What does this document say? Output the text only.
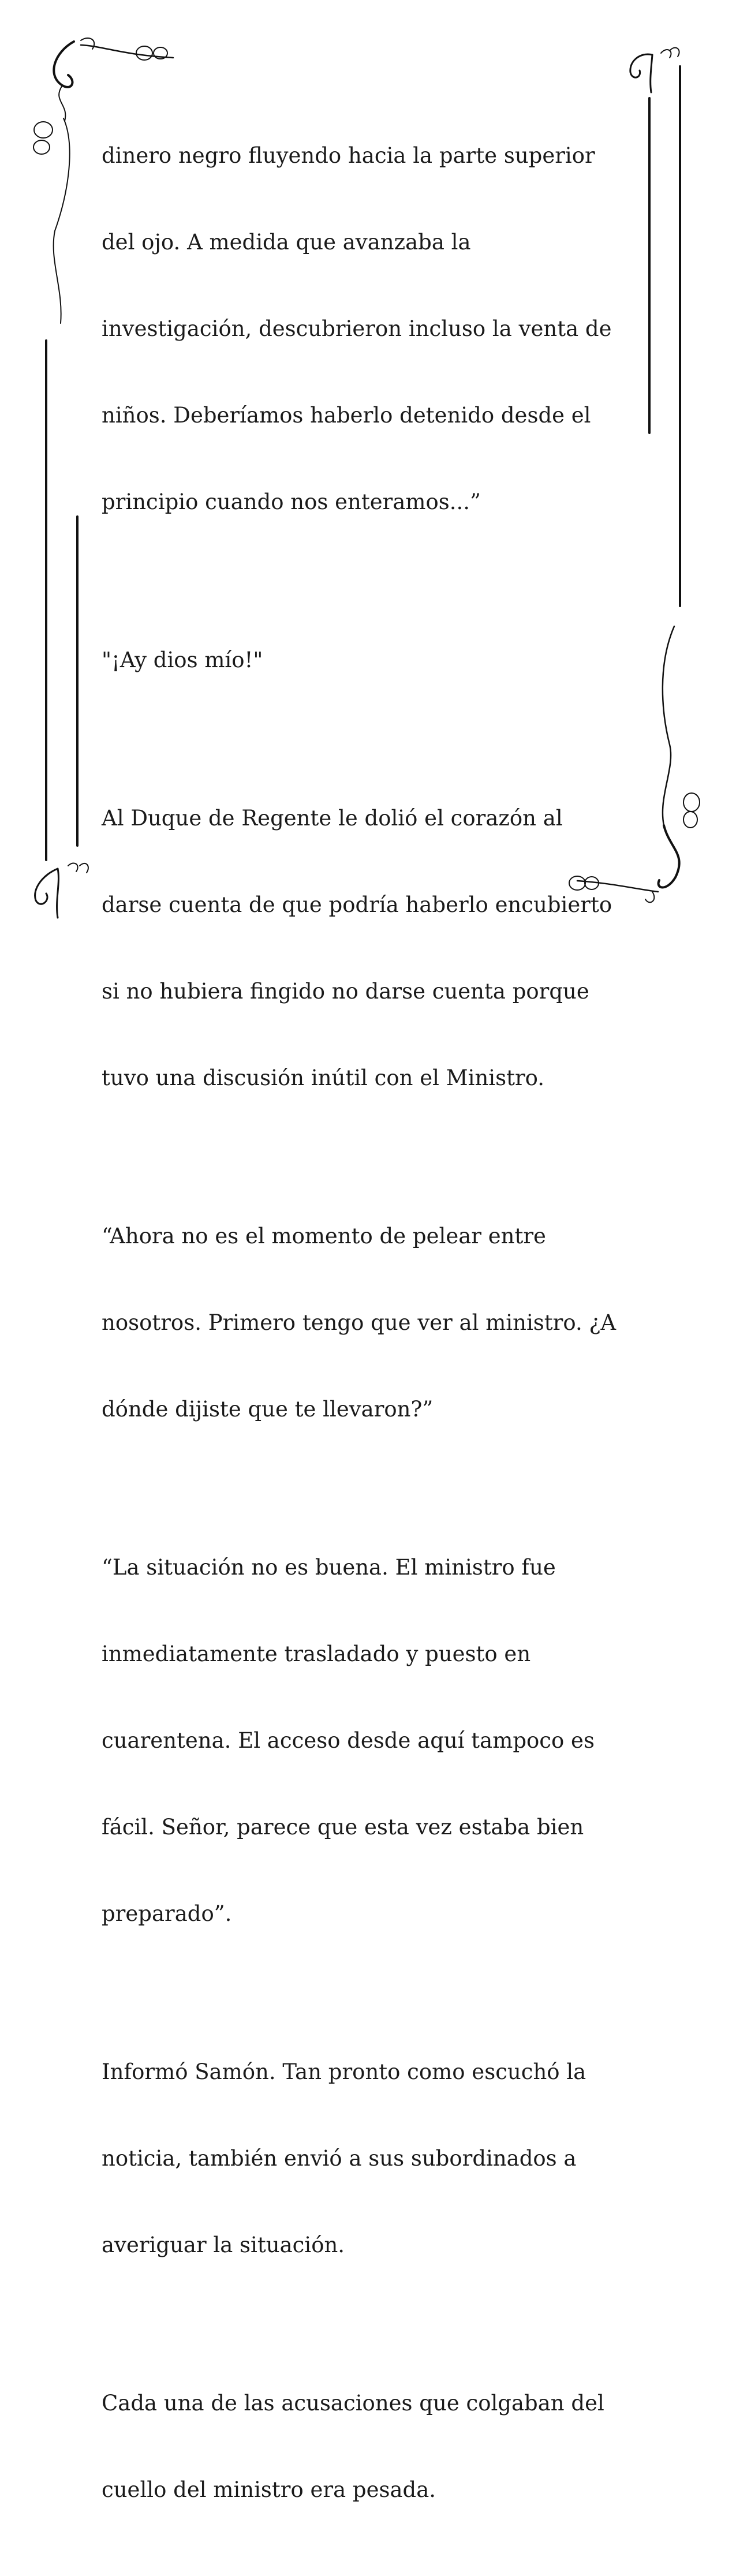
dinero negro fluyendo hacia la parte superior

del ojo. A medida que avanzaba la

investigación, descubrieron incluso la venta de

niños. Deberíamos haberlo detenido desde el

principio cuando nos enteramos...”

"¡Ay dios mío!"

Al Duque de Regente le dolió el corazón al

darse cuenta de que podría haberlo encubierto

si no hubiera fingido no darse cuenta porque

tuvo una discusión inútil con el Ministro.

“Ahora no es el momento de pelear entre

nosotros. Primero tengo que ver al ministro. ¿A

dónde dijiste que te llevaron?”

“La situación no es buena. El ministro fue

inmediatamente trasladado y puesto en

cuarentena. El acceso desde aquí tampoco es

fácil. Señor, parece que esta vez estaba bien

preparado”.

Informó Samón. Tan pronto como escuchó la

noticia, también envió a sus subordinados a

averiguar la situación.

Cada una de las acusaciones que colgaban del

cuello del ministro era pesada.
